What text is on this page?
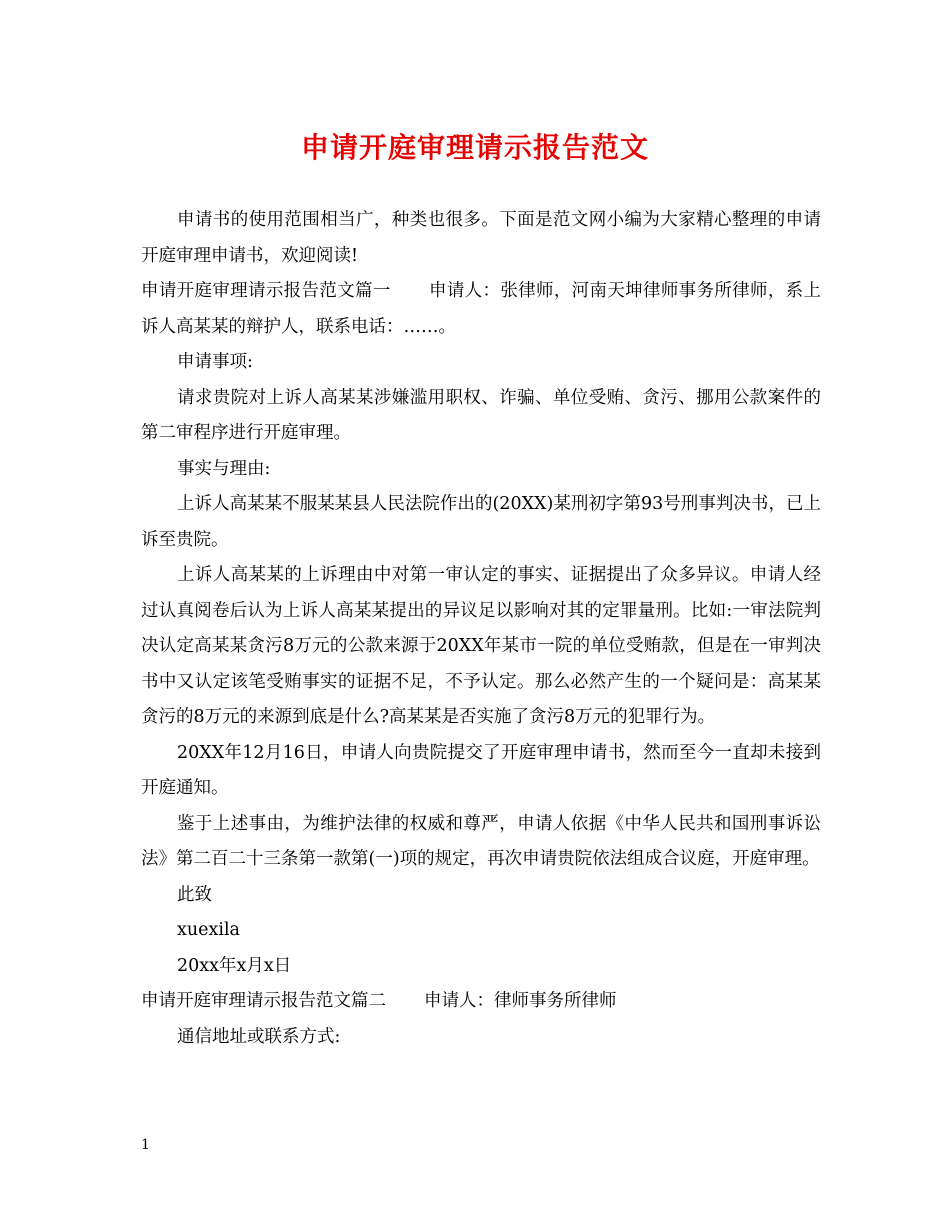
申请开庭审理请示报告范文

申请书的使用范围相当广，种类也很多。下面是范文网小编为大家精心整理的申请开庭审理申请书，欢迎阅读!

申请开庭审理请示报告范文篇一 申请人：张律师，河南天坤律师事务所律师，系上诉人高某某的辩护人，联系电话：……。

申请事项:

请求贵院对上诉人高某某涉嫌滥用职权、诈骗、单位受贿、贪污、挪用公款案件的第二审程序进行开庭审理。

事实与理由:

上诉人高某某不服某某县人民法院作出的(20XX)某刑初字第93号刑事判决书，已上诉至贵院。

上诉人高某某的上诉理由中对第一审认定的事实、证据提出了众多异议。申请人经过认真阅卷后认为上诉人高某某提出的异议足以影响对其的定罪量刑。比如:一审法院判决认定高某某贪污8万元的公款来源于20XX年某市一院的单位受贿款，但是在一审判决书中又认定该笔受贿事实的证据不足，不予认定。那么必然产生的一个疑问是：高某某贪污的8万元的来源到底是什么?高某某是否实施了贪污8万元的犯罪行为。

20XX年12月16日，申请人向贵院提交了开庭审理申请书，然而至今一直却未接到开庭通知。

鉴于上述事由，为维护法律的权威和尊严，申请人依据《中华人民共和国刑事诉讼法》第二百二十三条第一款第(一)项的规定，再次申请贵院依法组成合议庭，开庭审理。

此致

xuexila

20xx年x月x日

申请开庭审理请示报告范文篇二 申请人：律师事务所律师

通信地址或联系方式:

1
